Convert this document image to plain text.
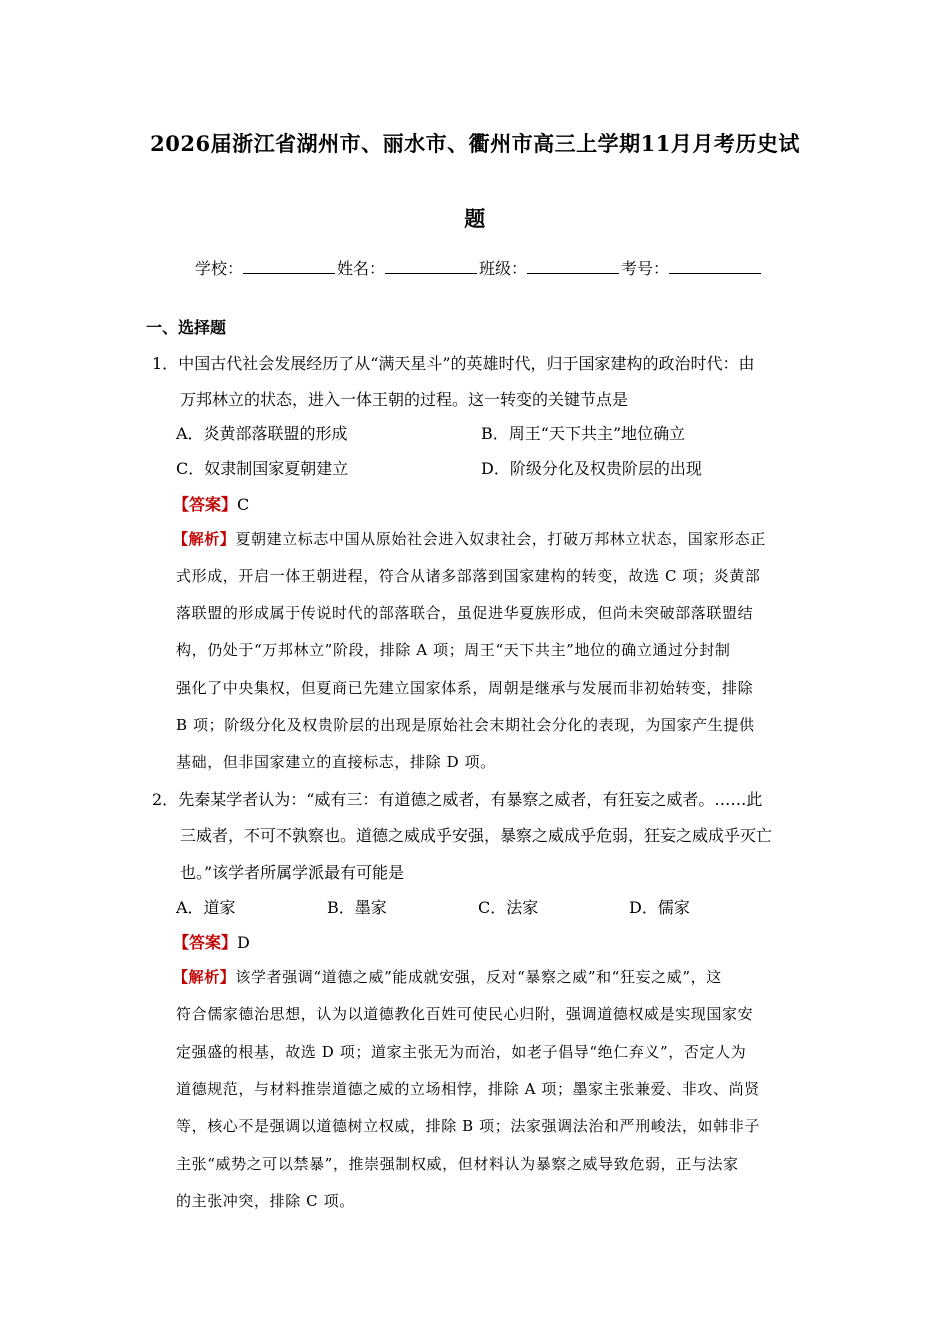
2026届浙江省湖州市、丽水市、衢州市高三上学期11月月考历史试
题
学校：	姓名：	班级：	考号：
一、选择题
1．中国古代社会发展经历了从“满天星斗”的英雄时代，归于国家建构的政治时代：由
万邦林立的状态，进入一体王朝的过程。这一转变的关键节点是
A．炎黄部落联盟的形成	B．周王“天下共主”地位确立
C．奴隶制国家夏朝建立	D．阶级分化及权贵阶层的出现
【答案】C
【解析】夏朝建立标志中国从原始社会进入奴隶社会，打破万邦林立状态，国家形态正
式形成，开启一体王朝进程，符合从诸多部落到国家建构的转变，故选 C 项；炎黄部
落联盟的形成属于传说时代的部落联合，虽促进华夏族形成，但尚未突破部落联盟结
构，仍处于“万邦林立”阶段，排除 A 项；周王“天下共主”地位的确立通过分封制
强化了中央集权，但夏商已先建立国家体系，周朝是继承与发展而非初始转变，排除
B 项；阶级分化及权贵阶层的出现是原始社会末期社会分化的表现，为国家产生提供
基础，但非国家建立的直接标志，排除 D 项。
2．先秦某学者认为：“威有三：有道德之威者，有暴察之威者，有狂妄之威者。……此
三威者，不可不孰察也。道德之威成乎安强，暴察之威成乎危弱，狂妄之威成乎灭亡
也。”该学者所属学派最有可能是
A．道家	B．墨家	C．法家	D．儒家
【答案】D
【解析】该学者强调“道德之威”能成就安强，反对“暴察之威”和“狂妄之威”，这
符合儒家德治思想，认为以道德教化百姓可使民心归附，强调道德权威是实现国家安
定强盛的根基，故选 D 项；道家主张无为而治，如老子倡导“绝仁弃义”，否定人为
道德规范，与材料推崇道德之威的立场相悖，排除 A 项；墨家主张兼爱、非攻、尚贤
等，核心不是强调以道德树立权威，排除 B 项；法家强调法治和严刑峻法，如韩非子
主张“威势之可以禁暴”，推崇强制权威，但材料认为暴察之威导致危弱，正与法家
的主张冲突，排除 C 项。
